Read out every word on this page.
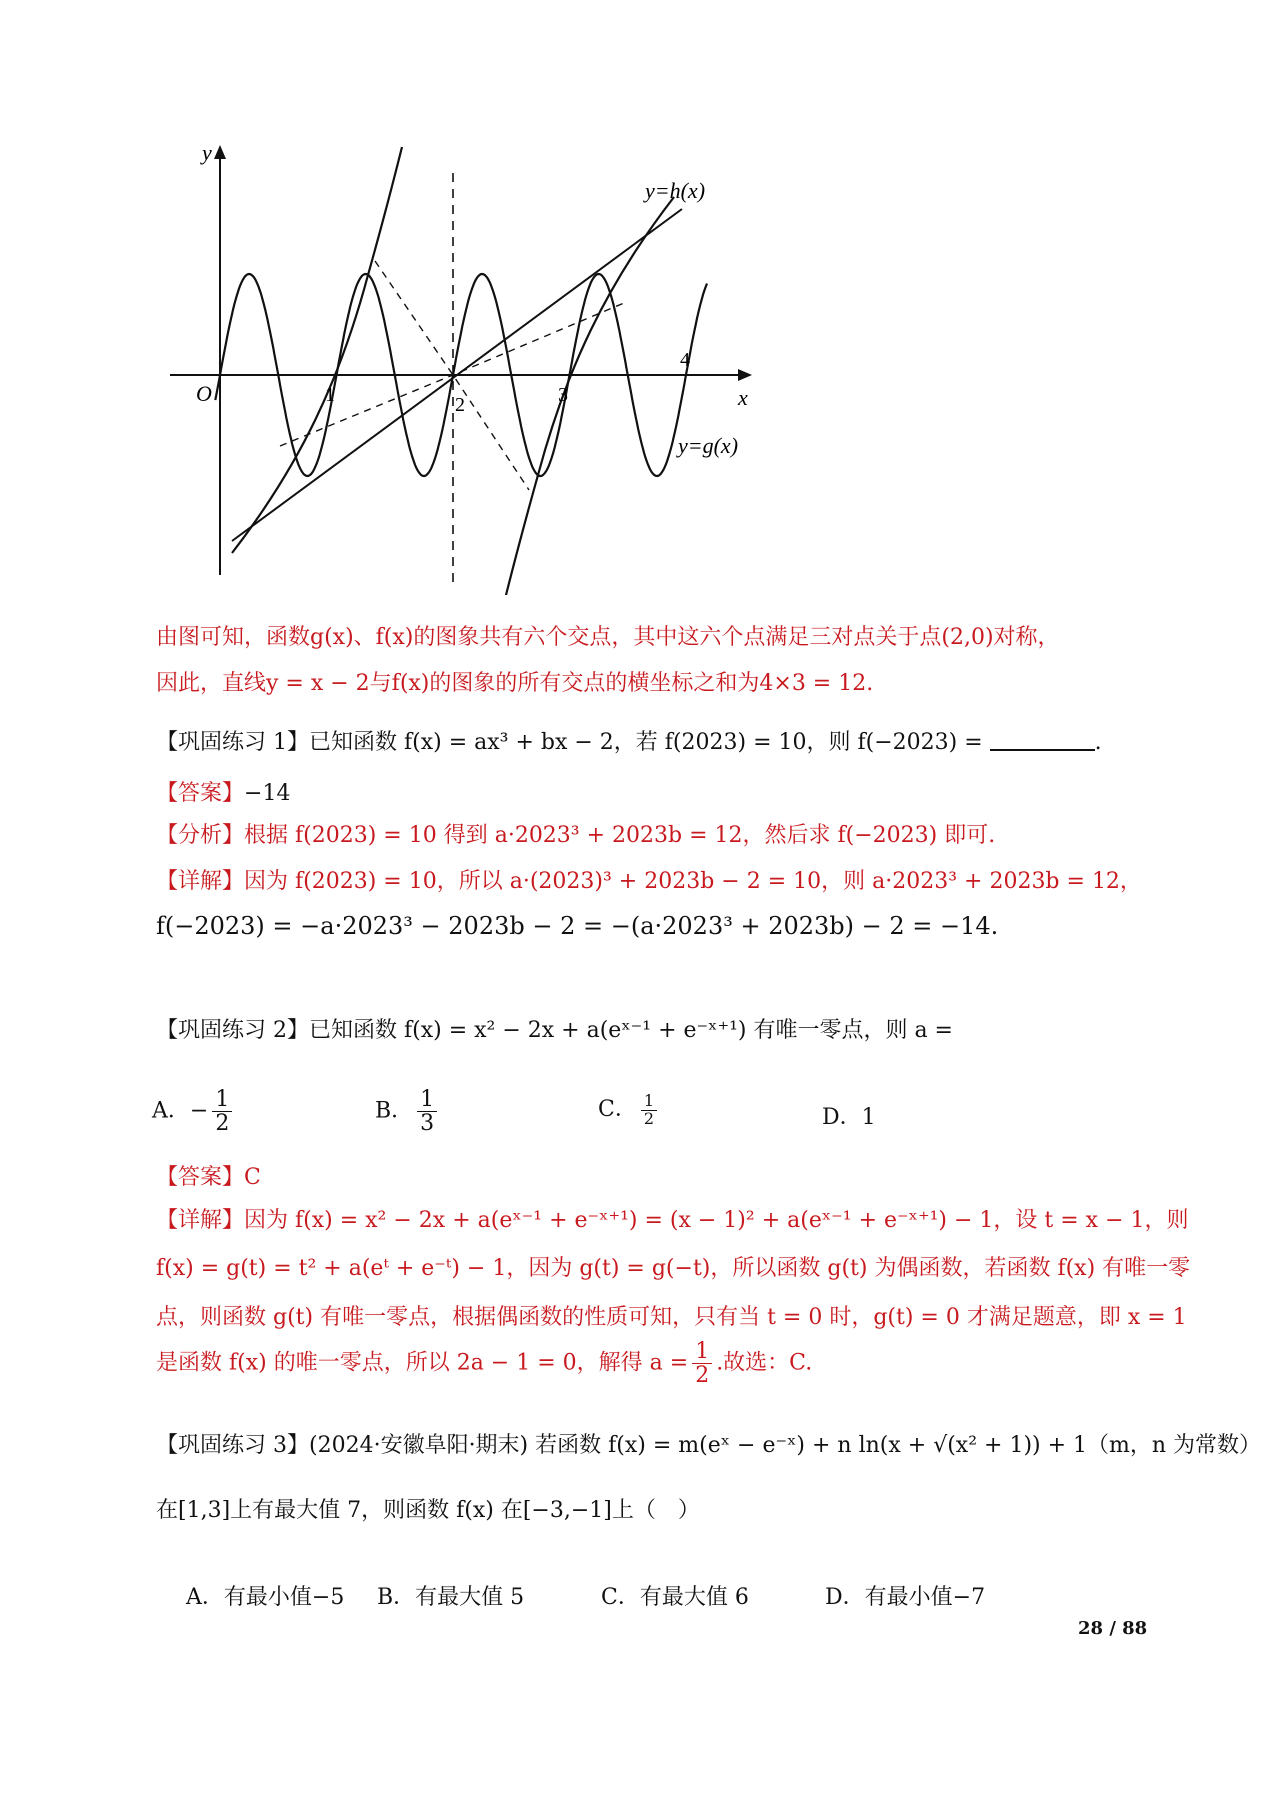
y
x
O	1	2	3
4
y=h(x)
y=g(x)
由图可知，函数g(x)、f(x)的图象共有六个交点，其中这六个点满足三对点关于点(2,0)对称，
因此，直线y = x − 2与f(x)的图象的所有交点的横坐标之和为4×3 = 12.
【巩固练习 1】已知函数 f(x) = ax³ + bx − 2，若 f(2023) = 10，则 f(−2023) =	.
【答案】−14
【分析】根据 f(2023) = 10 得到 a·2023³ + 2023b = 12，然后求 f(−2023) 即可.
【详解】因为 f(2023) = 10，所以 a·(2023)³ + 2023b − 2 = 10，则 a·2023³ + 2023b = 12，
f(−2023) = −a·2023³ − 2023b − 2 = −(a·2023³ + 2023b) − 2 = −14.
【巩固练习 2】已知函数 f(x) = x² − 2x + a(eˣ⁻¹ + e⁻ˣ⁺¹) 有唯一零点，则 a =
A．− $\frac{1}{2}$	B． $\frac{1}{3}$	C． $\frac{1}{2}$	D．1
【答案】C
【详解】因为 f(x) = x² − 2x + a(eˣ⁻¹ + e⁻ˣ⁺¹) = (x − 1)² + a(eˣ⁻¹ + e⁻ˣ⁺¹) − 1，设 t = x − 1，则
f(x) = g(t) = t² + a(eᵗ + e⁻ᵗ) − 1，因为 g(t) = g(−t)，所以函数 g(t) 为偶函数，若函数 f(x) 有唯一零
点，则函数 g(t) 有唯一零点，根据偶函数的性质可知，只有当 t = 0 时，g(t) = 0 才满足题意，即 x = 1
是函数 f(x) 的唯一零点，所以 2a − 1 = 0，解得 $a = \frac{1}{2}$ .故选：C.
【巩固练习 3】(2024·安徽阜阳·期末) 若函数 f(x) = m(eˣ − e⁻ˣ) + n ln(x + √(x² + 1)) + 1（m，n 为常数）
在[1,3]上有最大值 7，则函数 f(x) 在[−3,−1]上（　）
A．有最小值−5 B．有最大值 5	C．有最大值 6	D．有最小值−7
28 / 88
